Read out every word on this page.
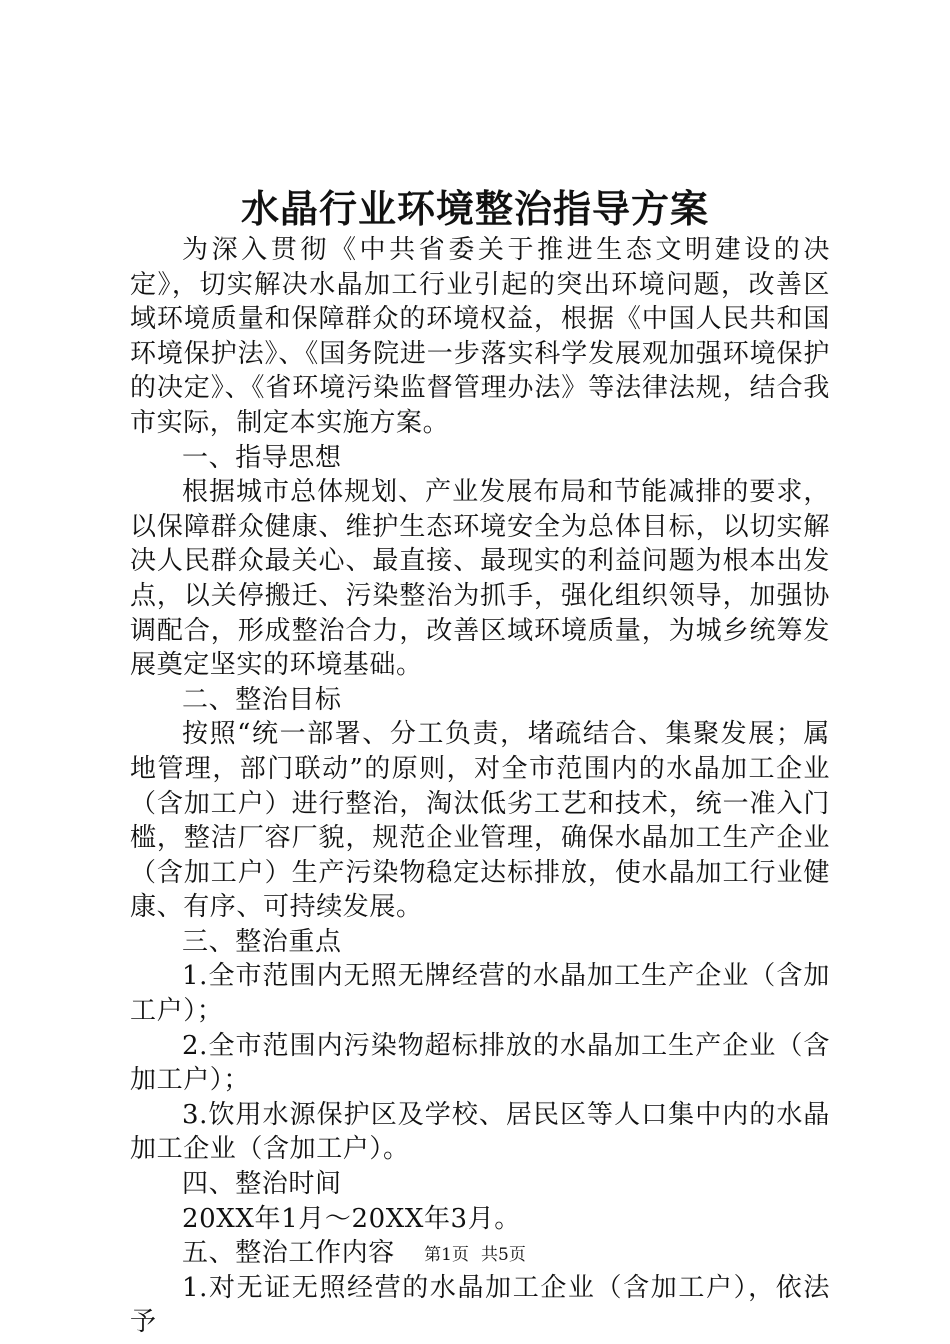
水晶行业环境整治指导方案

为深入贯彻《中共省委关于推进生态文明建设的决定》，切实解决水晶加工行业引起的突出环境问题，改善区域环境质量和保障群众的环境权益，根据《中国人民共和国环境保护法》、《国务院进一步落实科学发展观加强环境保护的决定》、《省环境污染监督管理办法》等法律法规，结合我市实际，制定本实施方案。

一、指导思想

根据城市总体规划、产业发展布局和节能减排的要求，以保障群众健康、维护生态环境安全为总体目标，以切实解决人民群众最关心、最直接、最现实的利益问题为根本出发点，以关停搬迁、污染整治为抓手，强化组织领导，加强协调配合，形成整治合力，改善区域环境质量，为城乡统筹发展奠定坚实的环境基础。

二、整治目标

按照“统一部署、分工负责，堵疏结合、集聚发展；属地管理，部门联动”的原则，对全市范围内的水晶加工企业（含加工户）进行整治，淘汰低劣工艺和技术，统一准入门槛，整洁厂容厂貌，规范企业管理，确保水晶加工生产企业（含加工户）生产污染物稳定达标排放，使水晶加工行业健康、有序、可持续发展。

三、整治重点

1.全市范围内无照无牌经营的水晶加工生产企业（含加工户）；

2.全市范围内污染物超标排放的水晶加工生产企业（含加工户）；

3.饮用水源保护区及学校、居民区等人口集中内的水晶加工企业（含加工户）。

四、整治时间

20XX年1月～20XX年3月。

五、整治工作内容

1.对无证无照经营的水晶加工企业（含加工户），依法予

第1页 共5页
